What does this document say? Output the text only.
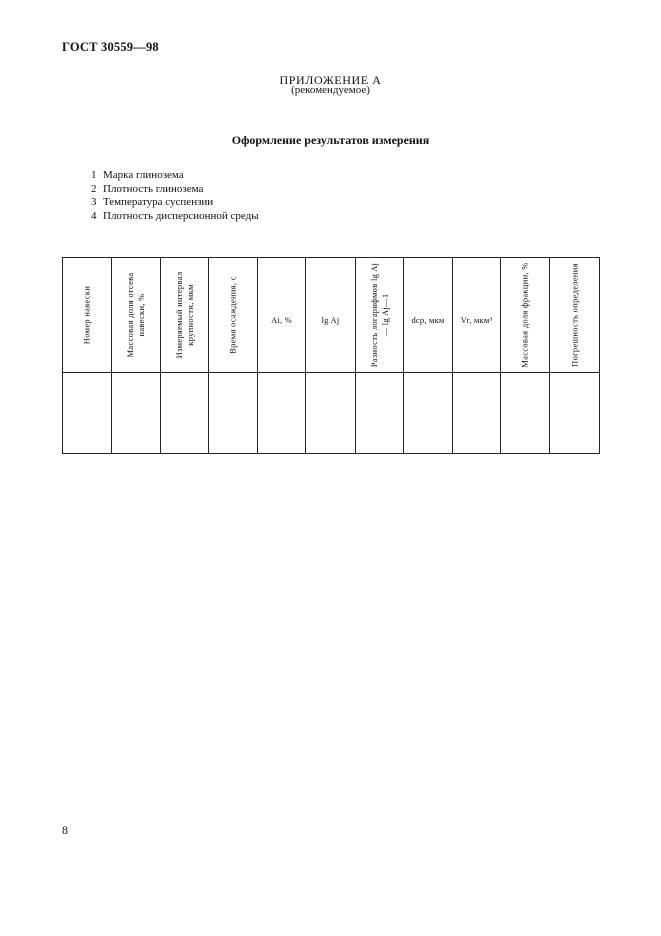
ГОСТ 30559—98
ПРИЛОЖЕНИЕ А
(рекомендуемое)
Оформление результатов измерения
1 Марка глинозема
2 Плотность глинозема
3 Температура суспензии
4 Плотность дисперсионной среды
Номер навески	Массовая доля отсева навески, %	Измеряемый интервал крупности, мкм	Время осаждения, с	Ai, %	lg Aj	Разность логарифмов lg Aj— lg Aj—1	dср, мкм	Vr, мкм³	Массовая доля фракции, %	Погрешность определения

8
